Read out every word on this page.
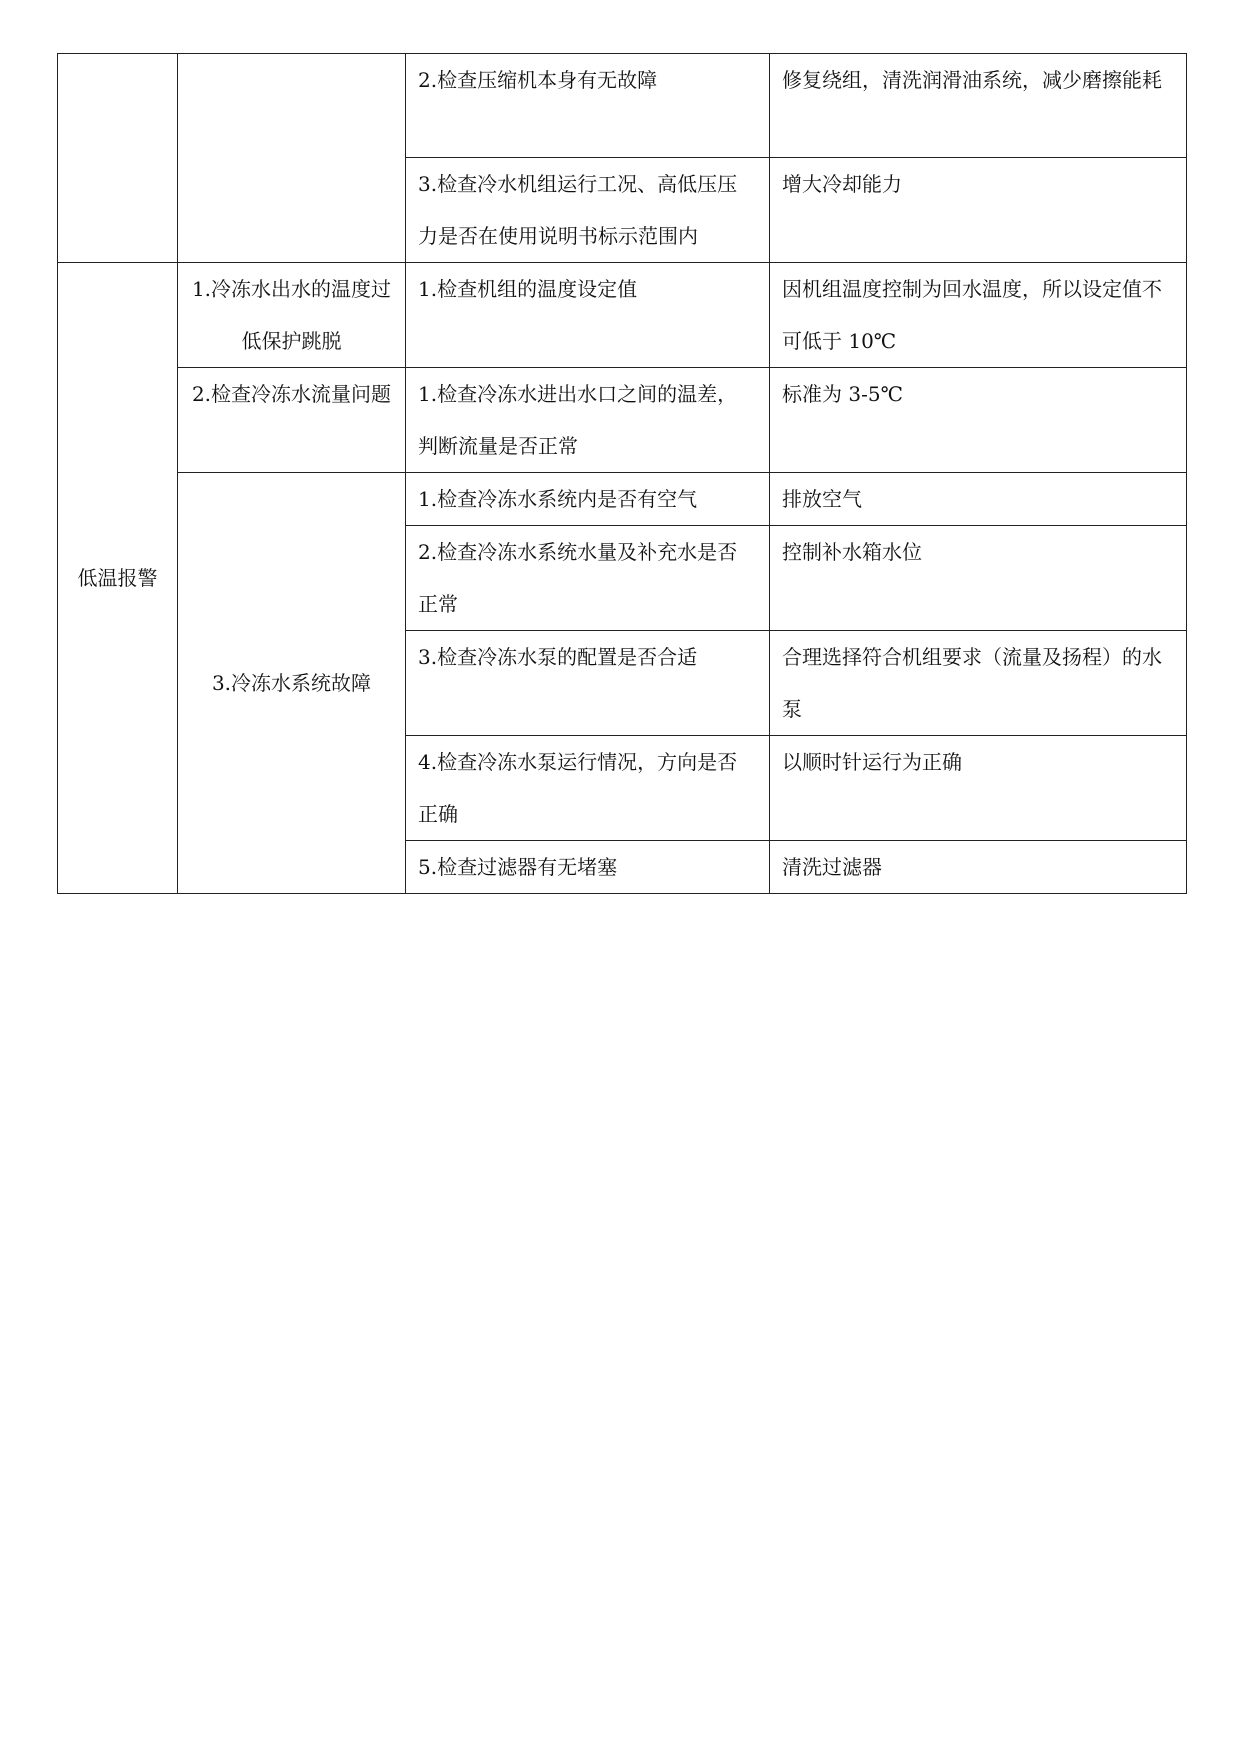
		2.检查压缩机本身有无故障	修复绕组，清洗润滑油系统，减少磨擦能耗
		3.检查冷水机组运行工况、高低压压力是否在使用说明书标示范围内	增大冷却能力
低温报警	1.冷冻水出水的温度过低保护跳脱	1.检查机组的温度设定值	因机组温度控制为回水温度，所以设定值不可低于 10℃
	2.检查冷冻水流量问题	1.检查冷冻水进出水口之间的温差，判断流量是否正常	标准为 3-5℃
	3.冷冻水系统故障	1.检查冷冻水系统内是否有空气	排放空气
		2.检查冷冻水系统水量及补充水是否正常	控制补水箱水位
		3.检查冷冻水泵的配置是否合适	合理选择符合机组要求（流量及扬程）的水泵
		4.检查冷冻水泵运行情况，方向是否正确	以顺时针运行为正确
		5.检查过滤器有无堵塞	清洗过滤器
